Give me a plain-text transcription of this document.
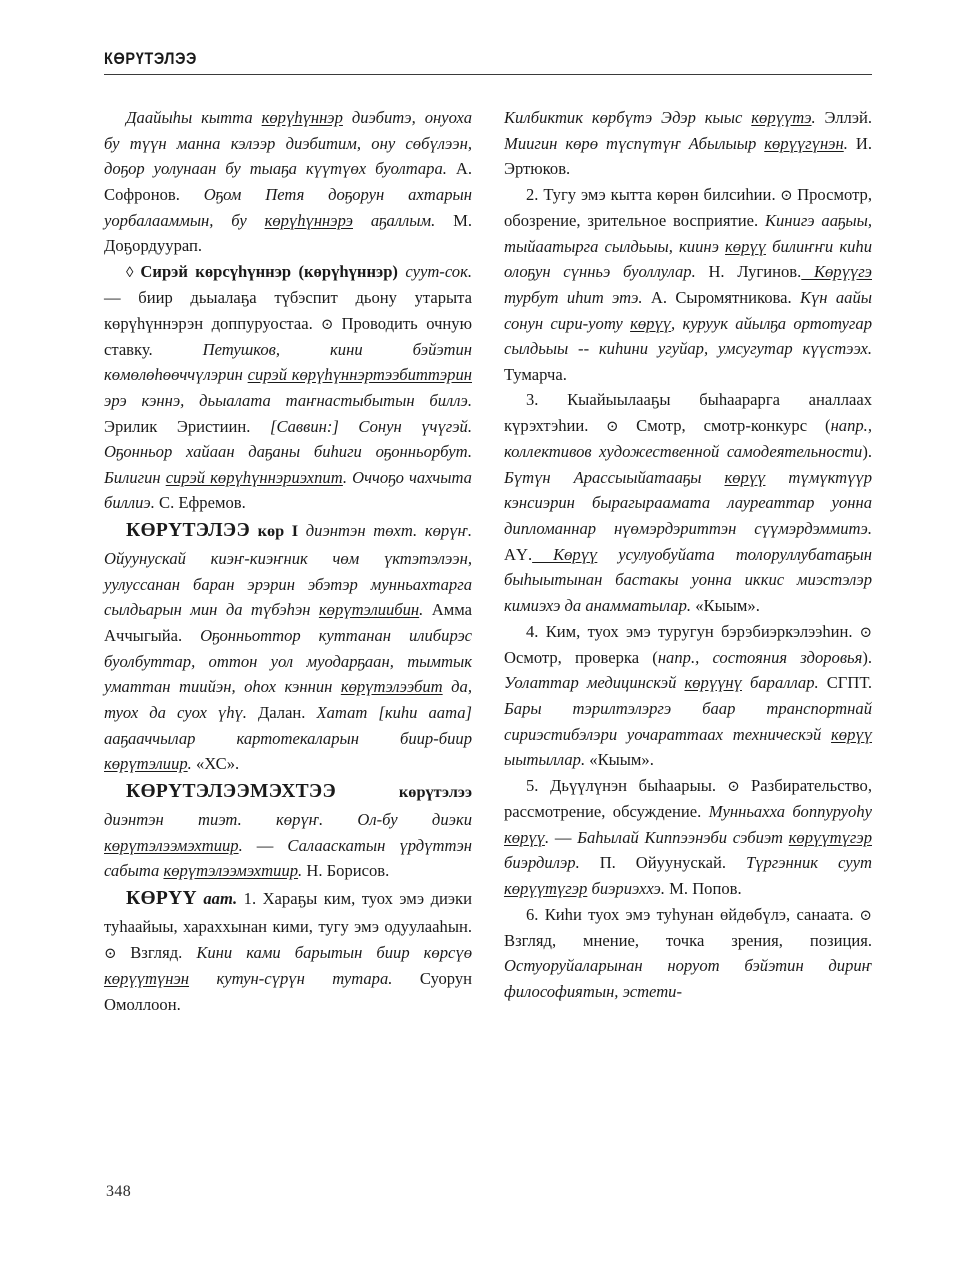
КӨРҮТЭЛЭЭ

Даайыһы кытта көрүһүннэр диэбитэ, онуоха бу түүн манна кэлээр диэбитим, ону сөбүлээн, доҕор уолунаан бу тыаҕа күүтүөх буолтара. А. Софронов. Оҕом Петя доҕорун ахтарын уорбалааммын, бу көрүһүннэрэ аҕаллым. М. Доҕордуурап.

◊ Сирэй көрсүһүннэр (көрүһүннэр) суут-сок. — биир дьыалаҕа түбэспит дьону утарыта көрүһүннэрэн доппуруостаа. ⊙ Проводить очную ставку. Петушков, кини бэйэтин көмөлөһөөччүлэрин сирэй көрүһүннэртээбиттэрин эрэ кэннэ, дьыалата таҥнастыбытын биллэ. Эрилик Эристиин. [Саввин:] Сонун үчүгэй. Оҕонньор хайаан даҕаны биһиги оҕонньорбут. Билигин сирэй көрүһүннэриэхпит. Оччоҕо чахчыта биллиэ. С. Ефремов.

КӨРҮТЭЛЭЭ көр I диэнтэн төхт. көрүҥ. Ойуунускай киэҥ-киэҥник чөм үктэтэлээн, уулуссанан баран эрэрин эбэтэр мунньахтарга сылдьарын мин да түбэһэн көрүтэлиибин. Амма Аччыгыйа. Оҕонньоттор куттанан илибирэс буолбуттар, оттон уол муодарҕаан, тымтык уматтан тиийэн, оһох кэннин көрүтэлээбит да, туох да суох үһү. Далан. Хатат [киһи аата] ааҕааччылар картотекаларын биир-биир көрүтэлиир. «ХС».

КӨРҮТЭЛЭЭМЭХТЭЭ көрүтэлээ диэнтэн тиэт. көрүҥ. Ол-бу диэки көрүтэлээмэхтиир. — Салааскатын үрдүттэн сабыта көрүтэлээмэхтиир. Н. Борисов.

КӨРҮҮ аат. 1. Хараҕы ким, туох эмэ диэки туһаайыы, хараххынан кими, тугу эмэ одуулааһын. ⊙ Взгляд. Кини ками барытын биир көрсүө көрүүтүнэн кутун-сүрүн тутара. Суорун Омоллоон.

Килбиктик көрбүтэ Эдэр кыыс көрүүтэ. Эллэй. Миигин көрө түспүтүҥ Абылыыр көрүүгүнэн. И. Эртюков.

2. Тугу эмэ кытта көрөн билсиһии. ⊙ Просмотр, обозрение, зрительное восприятие. Кинигэ ааҕыы, тыйаатырга сылдьыы, киинэ көрүү билиҥҥи киһи олоҕун сүнньэ буоллулар. Н. Лугинов. Көрүүгэ турбут иһит этэ. А. Сыромятникова. Күн аайы сонун сири-уоту көрүү, куруук айылҕа ортотугар сылдьыы -- киһини угуйар, умсугутар күүстээх. Тумарча.

3. Кыайыылааҕы быһаарарга аналлаах күрэхтэһии. ⊙ Смотр, смотр-конкурс (напр., коллективов художественной самодеятельности). Бүтүн Арассыыйатааҕы көрүү түмүктүүр кэнсиэрин бырагыраамата лауреаттар уонна дипломаннар нүөмэрдэриттэн сүүмэрдэммитэ. АҮ. Көрүү усулуобуйата толоруллубатаҕын быһыытынан бастакы уонна иккис миэстэлэр кимиэхэ да анамматылар. «Кыым».

4. Ким, туох эмэ туругун бэрэбиэркэлээһин. ⊙ Осмотр, проверка (напр., состояния здоровья). Уолаттар медицинскэй көрүүнү бараллар. СГПТ. Бары тэрилтэлэргэ баар транспортнай сириэстибэлэри уочараттаах техническэй көрүү ыытыллар. «Кыым».

5. Дьүүлүнэн быһаарыы. ⊙ Разбирательство, рассмотрение, обсуждение. Мунньахха боппуруоһу көрүү. — Баһылай Киппээнэби сэбиэт көрүүтүгэр биэрдилэр. П. Ойуунускай. Түргэнник суут көрүүтүгэр биэриэххэ. М. Попов.

6. Киһи туох эмэ туһунан өйдөбүлэ, санаата. ⊙ Взгляд, мнение, точка зрения, позиция. Остуоруйаларынан норуот бэйэтин дириҥ философиятын, эстети-

348
